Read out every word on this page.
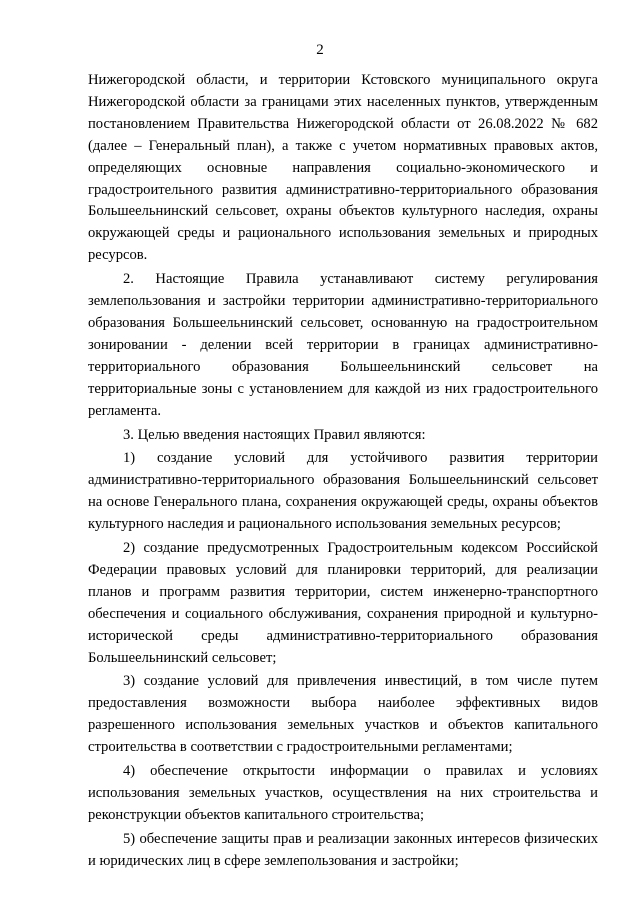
2

Нижегородской области, и территории Кстовского муниципального округа Нижегородской области за границами этих населенных пунктов, утвержденным постановлением Правительства Нижегородской области от 26.08.2022 № 682 (далее – Генеральный план), а также с учетом нормативных правовых актов, определяющих основные направления социально-экономического и градостроительного развития административно-территориального образования Большеельнинский сельсовет, охраны объектов культурного наследия, охраны окружающей среды и рационального использования земельных и природных ресурсов.

2. Настоящие Правила устанавливают систему регулирования землепользования и застройки территории административно-территориального образования Большеельнинский сельсовет, основанную на градостроительном зонировании - делении всей территории в границах административно-территориального образования Большеельнинский сельсовет на территориальные зоны с установлением для каждой из них градостроительного регламента.

3. Целью введения настоящих Правил являются:

1) создание условий для устойчивого развития территории административно-территориального образования Большеельнинский сельсовет на основе Генерального плана, сохранения окружающей среды, охраны объектов культурного наследия и рационального использования земельных ресурсов;

2) создание предусмотренных Градостроительным кодексом Российской Федерации правовых условий для планировки территорий, для реализации планов и программ развития территории, систем инженерно-транспортного обеспечения и социального обслуживания, сохранения природной и культурно-исторической среды административно-территориального образования Большеельнинский сельсовет;

3) создание условий для привлечения инвестиций, в том числе путем предоставления возможности выбора наиболее эффективных видов разрешенного использования земельных участков и объектов капитального строительства в соответствии с градостроительными регламентами;

4) обеспечение открытости информации о правилах и условиях использования земельных участков, осуществления на них строительства и реконструкции объектов капитального строительства;

5) обеспечение защиты прав и реализации законных интересов физических и юридических лиц в сфере землепользования и застройки;
